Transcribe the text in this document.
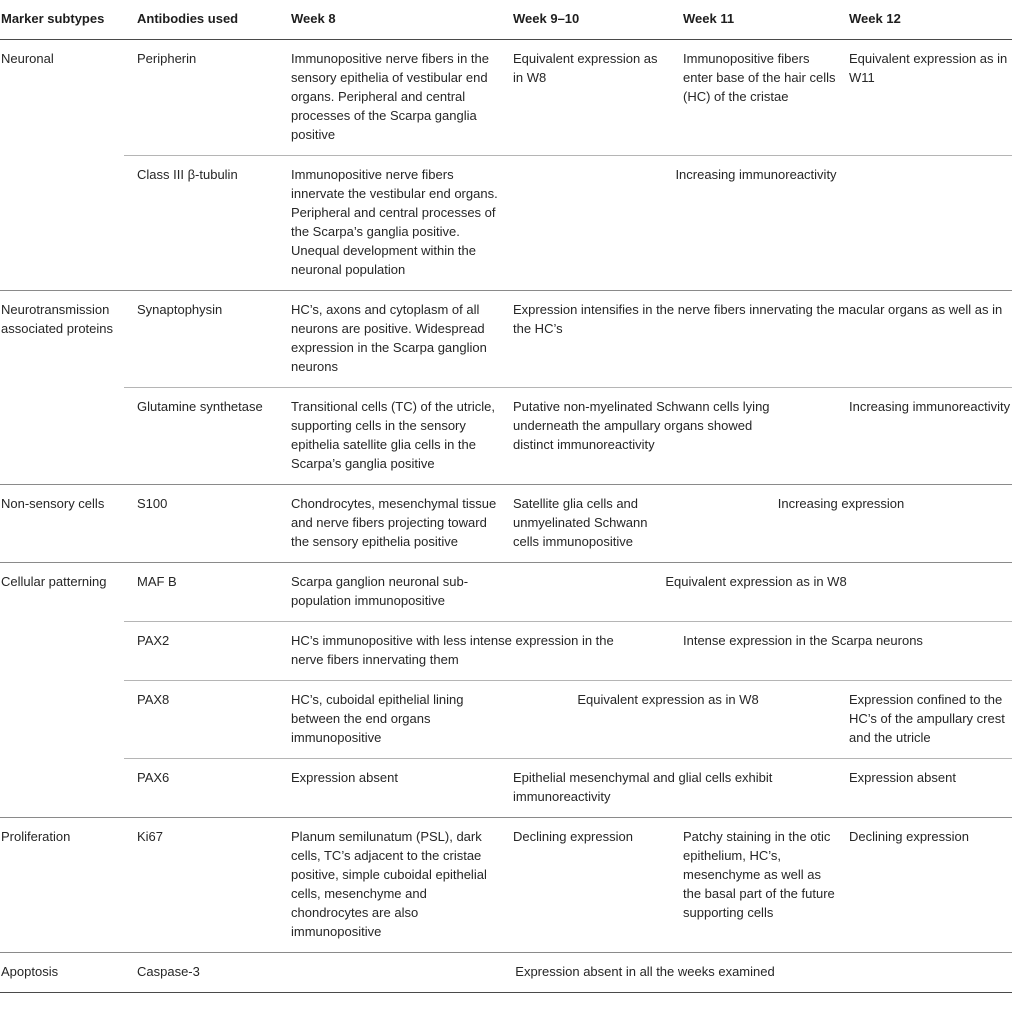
Marker subtypes	Antibodies used	Week 8	Week 9–10	Week 11	Week 12
Neuronal	Peripherin	Immunopositive nerve fibers in the sensory epithelia of vestibular end organs. Peripheral and central processes of the Scarpa ganglia positive	Equivalent expression as in W8	Immunopositive fibers enter base of the hair cells (HC) of the cristae	Equivalent expression as in W11
	Class III β-tubulin	Immunopositive nerve fibers innervate the vestibular end organs. Peripheral and central processes of the Scarpa’s ganglia positive. Unequal development within the neuronal population	Increasing immunoreactivity		
Neurotransmission associated proteins	Synaptophysin	HC’s, axons and cytoplasm of all neurons are positive. Widespread expression in the Scarpa ganglion neurons	Expression intensifies in the nerve fibers innervating the macular organs as well as in the HC’s		
	Glutamine synthetase	Transitional cells (TC) of the utricle, supporting cells in the sensory epithelia satellite glia cells in the Scarpa’s ganglia positive	Putative non-myelinated Schwann cells lying underneath the ampullary organs showed distinct immunoreactivity		Increasing immunoreactivity
Non-sensory cells	S100	Chondrocytes, mesenchymal tissue and nerve fibers projecting toward the sensory epithelia positive	Satellite glia cells and unmyelinated Schwann cells immunopositive	Increasing expression	
Cellular patterning	MAF B	Scarpa ganglion neuronal sub-population immunopositive	Equivalent expression as in W8		
	PAX2	HC’s immunopositive with less intense expression in the nerve fibers innervating them		Intense expression in the Scarpa neurons	
	PAX8	HC’s, cuboidal epithelial lining between the end organs immunopositive	Equivalent expression as in W8		Expression confined to the HC’s of the ampullary crest and the utricle
	PAX6	Expression absent	Epithelial mesenchymal and glial cells exhibit immunoreactivity		Expression absent
Proliferation	Ki67	Planum semilunatum (PSL), dark cells, TC’s adjacent to the cristae positive, simple cuboidal epithelial cells, mesenchyme and chondrocytes are also immunopositive	Declining expression	Patchy staining in the otic epithelium, HC’s, mesenchyme as well as the basal part of the future supporting cells	Declining expression
Apoptosis	Caspase-3	Expression absent in all the weeks examined			
